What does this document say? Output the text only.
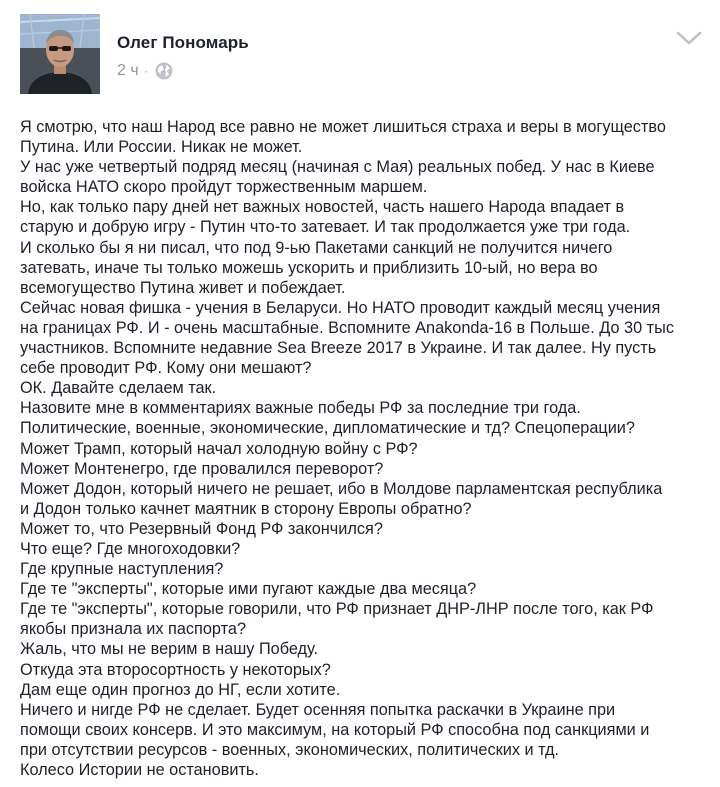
Олег Пономарь
2 ч ·
Я смотрю, что наш Народ все равно не может лишиться страха и веры в могущество
Путина. Или России. Никак не может.
У нас уже четвертый подряд месяц (начиная с Мая) реальных побед. У нас в Киеве
войска НАТО скоро пройдут торжественным маршем.
Но, как только пару дней нет важных новостей, часть нашего Народа впадает в
старую и добрую игру - Путин что-то затевает. И так продолжается уже три года.
И сколько бы я ни писал, что под 9-ью Пакетами санкций не получится ничего
затевать, иначе ты только можешь ускорить и приблизить 10-ый, но вера во
всемогущество Путина живет и побеждает.
Сейчас новая фишка - учения в Беларуси. Но НАТО проводит каждый месяц учения
на границах РФ. И - очень масштабные. Вспомните Anakonda-16 в Польше. До 30 тыс
участников. Вспомните недавние Sea Breeze 2017 в Украине. И так далее. Ну пусть
себе проводит РФ. Кому они мешают?
ОК. Давайте сделаем так.
Назовите мне в комментариях важные победы РФ за последние три года.
Политические, военные, экономические, дипломатические и тд? Спецоперации?
Может Трамп, который начал холодную войну с РФ?
Может Монтенегро, где провалился переворот?
Может Додон, который ничего не решает, ибо в Молдове парламентская республика
и Додон только качнет маятник в сторону Европы обратно?
Может то, что Резервный Фонд РФ закончился?
Что еще? Где многоходовки?
Где крупные наступления?
Где те "эксперты", которые ими пугают каждые два месяца?
Где те "эксперты", которые говорили, что РФ признает ДНР-ЛНР после того, как РФ
якобы признала их паспорта?
Жаль, что мы не верим в нашу Победу.
Откуда эта второсортность у некоторых?
Дам еще один прогноз до НГ, если хотите.
Ничего и нигде РФ не сделает. Будет осенняя попытка раскачки в Украине при
помощи своих консерв. И это максимум, на который РФ способна под санкциями и
при отсутствии ресурсов - военных, экономических, политических и тд.
Колесо Истории не остановить.
